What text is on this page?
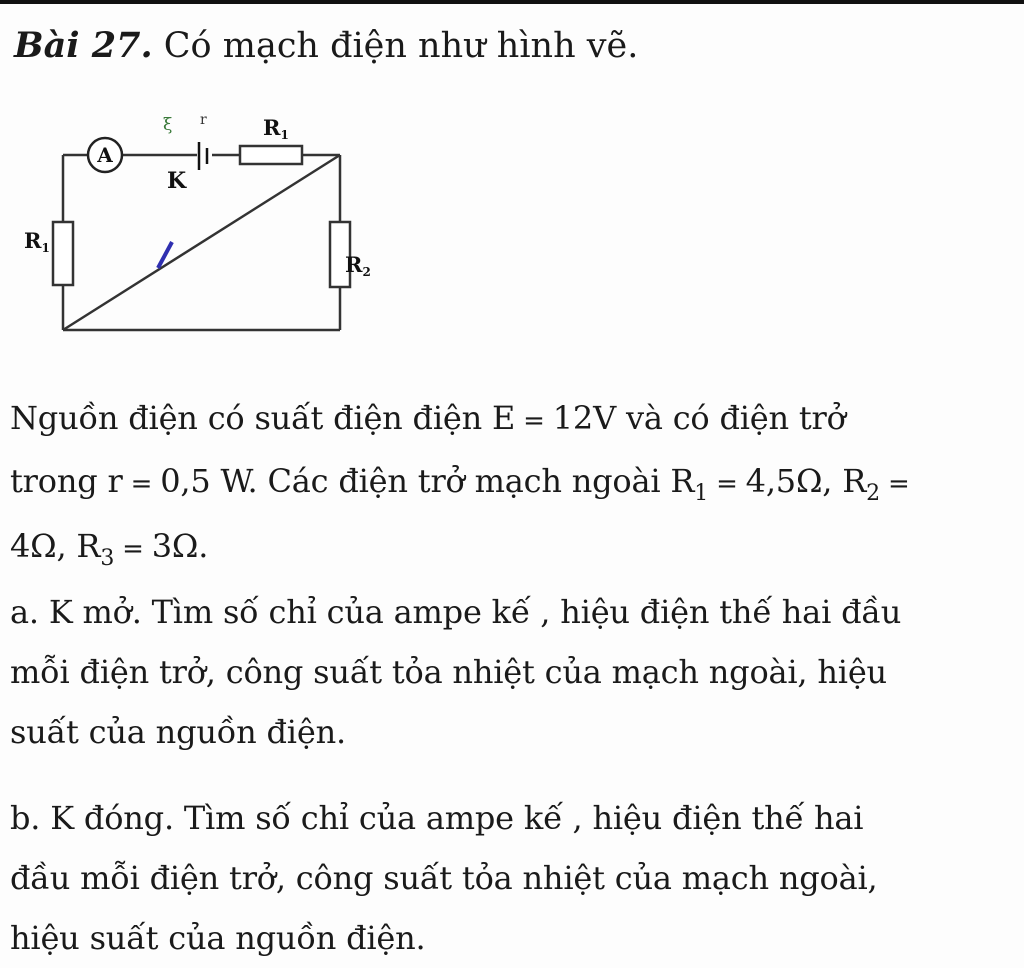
Bài 27. Có mạch điện như hình vẽ.
ξ r
A
K
R1
R1
R2
Nguồn điện có suất điện điện E = 12V và có điện trở
trong r = 0,5 W. Các điện trở mạch ngoài $R_1 = 4,5\Omega$, $R_2$ =
4Ω, $R_3 = 3\Omega$.
a. K mở. Tìm số chỉ của ampe kế , hiệu điện thế hai đầu
mỗi điện trở, công suất tỏa nhiệt của mạch ngoài, hiệu
suất của nguồn điện.
b. K đóng. Tìm số chỉ của ampe kế , hiệu điện thế hai
đầu mỗi điện trở, công suất tỏa nhiệt của mạch ngoài,
hiệu suất của nguồn điện.
